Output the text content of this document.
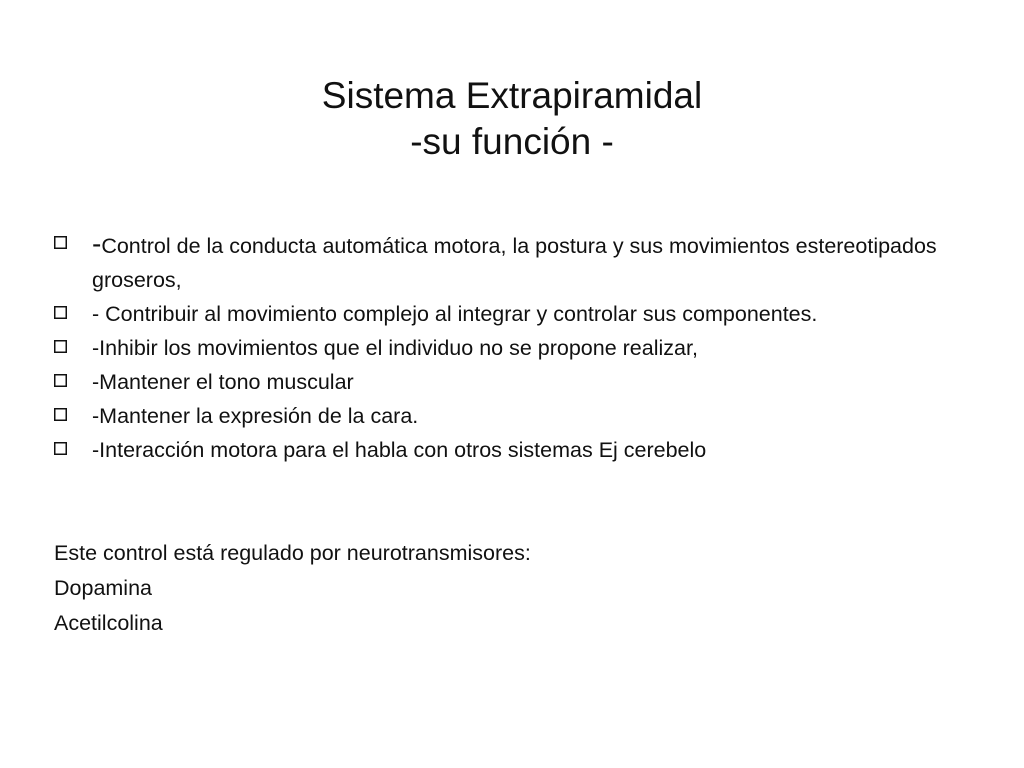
Sistema Extrapiramidal
-su función -
-Control de la conducta automática motora, la postura y sus movimientos estereotipados groseros,
- Contribuir al movimiento complejo al integrar y controlar sus componentes.
-Inhibir los movimientos que el individuo no se propone realizar,
-Mantener el tono muscular
-Mantener la expresión de la cara.
-Interacción motora para el habla con otros sistemas Ej cerebelo
Este control está regulado por neurotransmisores:
Dopamina
Acetilcolina
